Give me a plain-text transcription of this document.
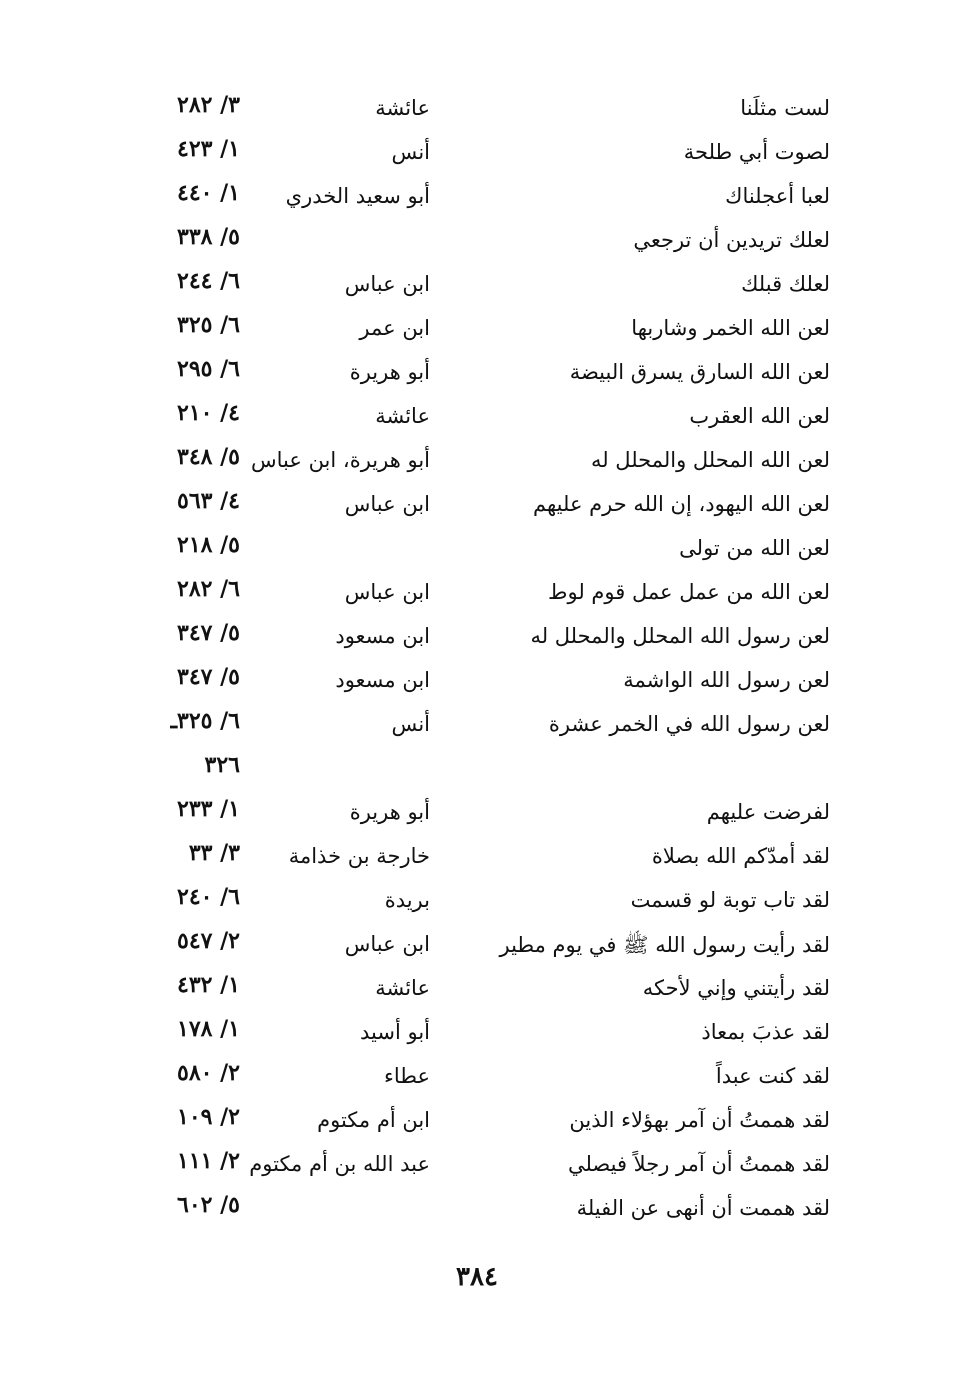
لست مثلَنا
عائشة
٣/ ٢٨٢
لصوت أبي طلحة
أنس
١/ ٤٢٣
لعبا أعجلناك
أبو سعيد الخدري
١/ ٤٤٠
لعلك تريدين أن ترجعي
٥/ ٣٣٨
لعلك قبلك
ابن عباس
٦/ ٢٤٤
لعن الله الخمر وشاربها
ابن عمر
٦/ ٣٢٥
لعن الله السارق يسرق البيضة
أبو هريرة
٦/ ٢٩٥
لعن الله العقرب
عائشة
٤/ ٢١٠
لعن الله المحلل والمحلل له
أبو هريرة، ابن عباس
٥/ ٣٤٨
لعن الله اليهود، إن الله حرم عليهم
ابن عباس
٤/ ٥٦٣
لعن الله من تولى
٥/ ٢١٨
لعن الله من عمل عمل قوم لوط
ابن عباس
٦/ ٢٨٢
لعن رسول الله المحلل والمحلل له
ابن مسعود
٥/ ٣٤٧
لعن رسول الله الواشمة
ابن مسعود
٥/ ٣٤٧
لعن رسول الله في الخمر عشرة
أنس
٦/ ٣٢٥ـ
٣٢٦
لفرضت عليهم
أبو هريرة
١/ ٢٣٣
لقد أمدّكم الله بصلاة
خارجة بن خذامة
٣/ ٣٣
لقد تاب توبة لو قسمت
بريدة
٦/ ٢٤٠
لقد رأيت رسول الله ﷺ في يوم مطير
ابن عباس
٢/ ٥٤٧
لقد رأيتني وإني لأحكه
عائشة
١/ ٤٣٢
لقد عذبَ بمعاذ
أبو أسيد
١/ ١٧٨
لقد كنت عبداً
عطاء
٢/ ٥٨٠
لقد هممتُ أن آمر بهؤلاء الذين
ابن أم مكتوم
٢/ ١٠٩
لقد هممتُ أن آمر رجلاً فيصلي
عبد الله بن أم مكتوم
٢/ ١١١
لقد هممت أن أنهى عن الفيلة
٥/ ٦٠٢
٣٨٤
